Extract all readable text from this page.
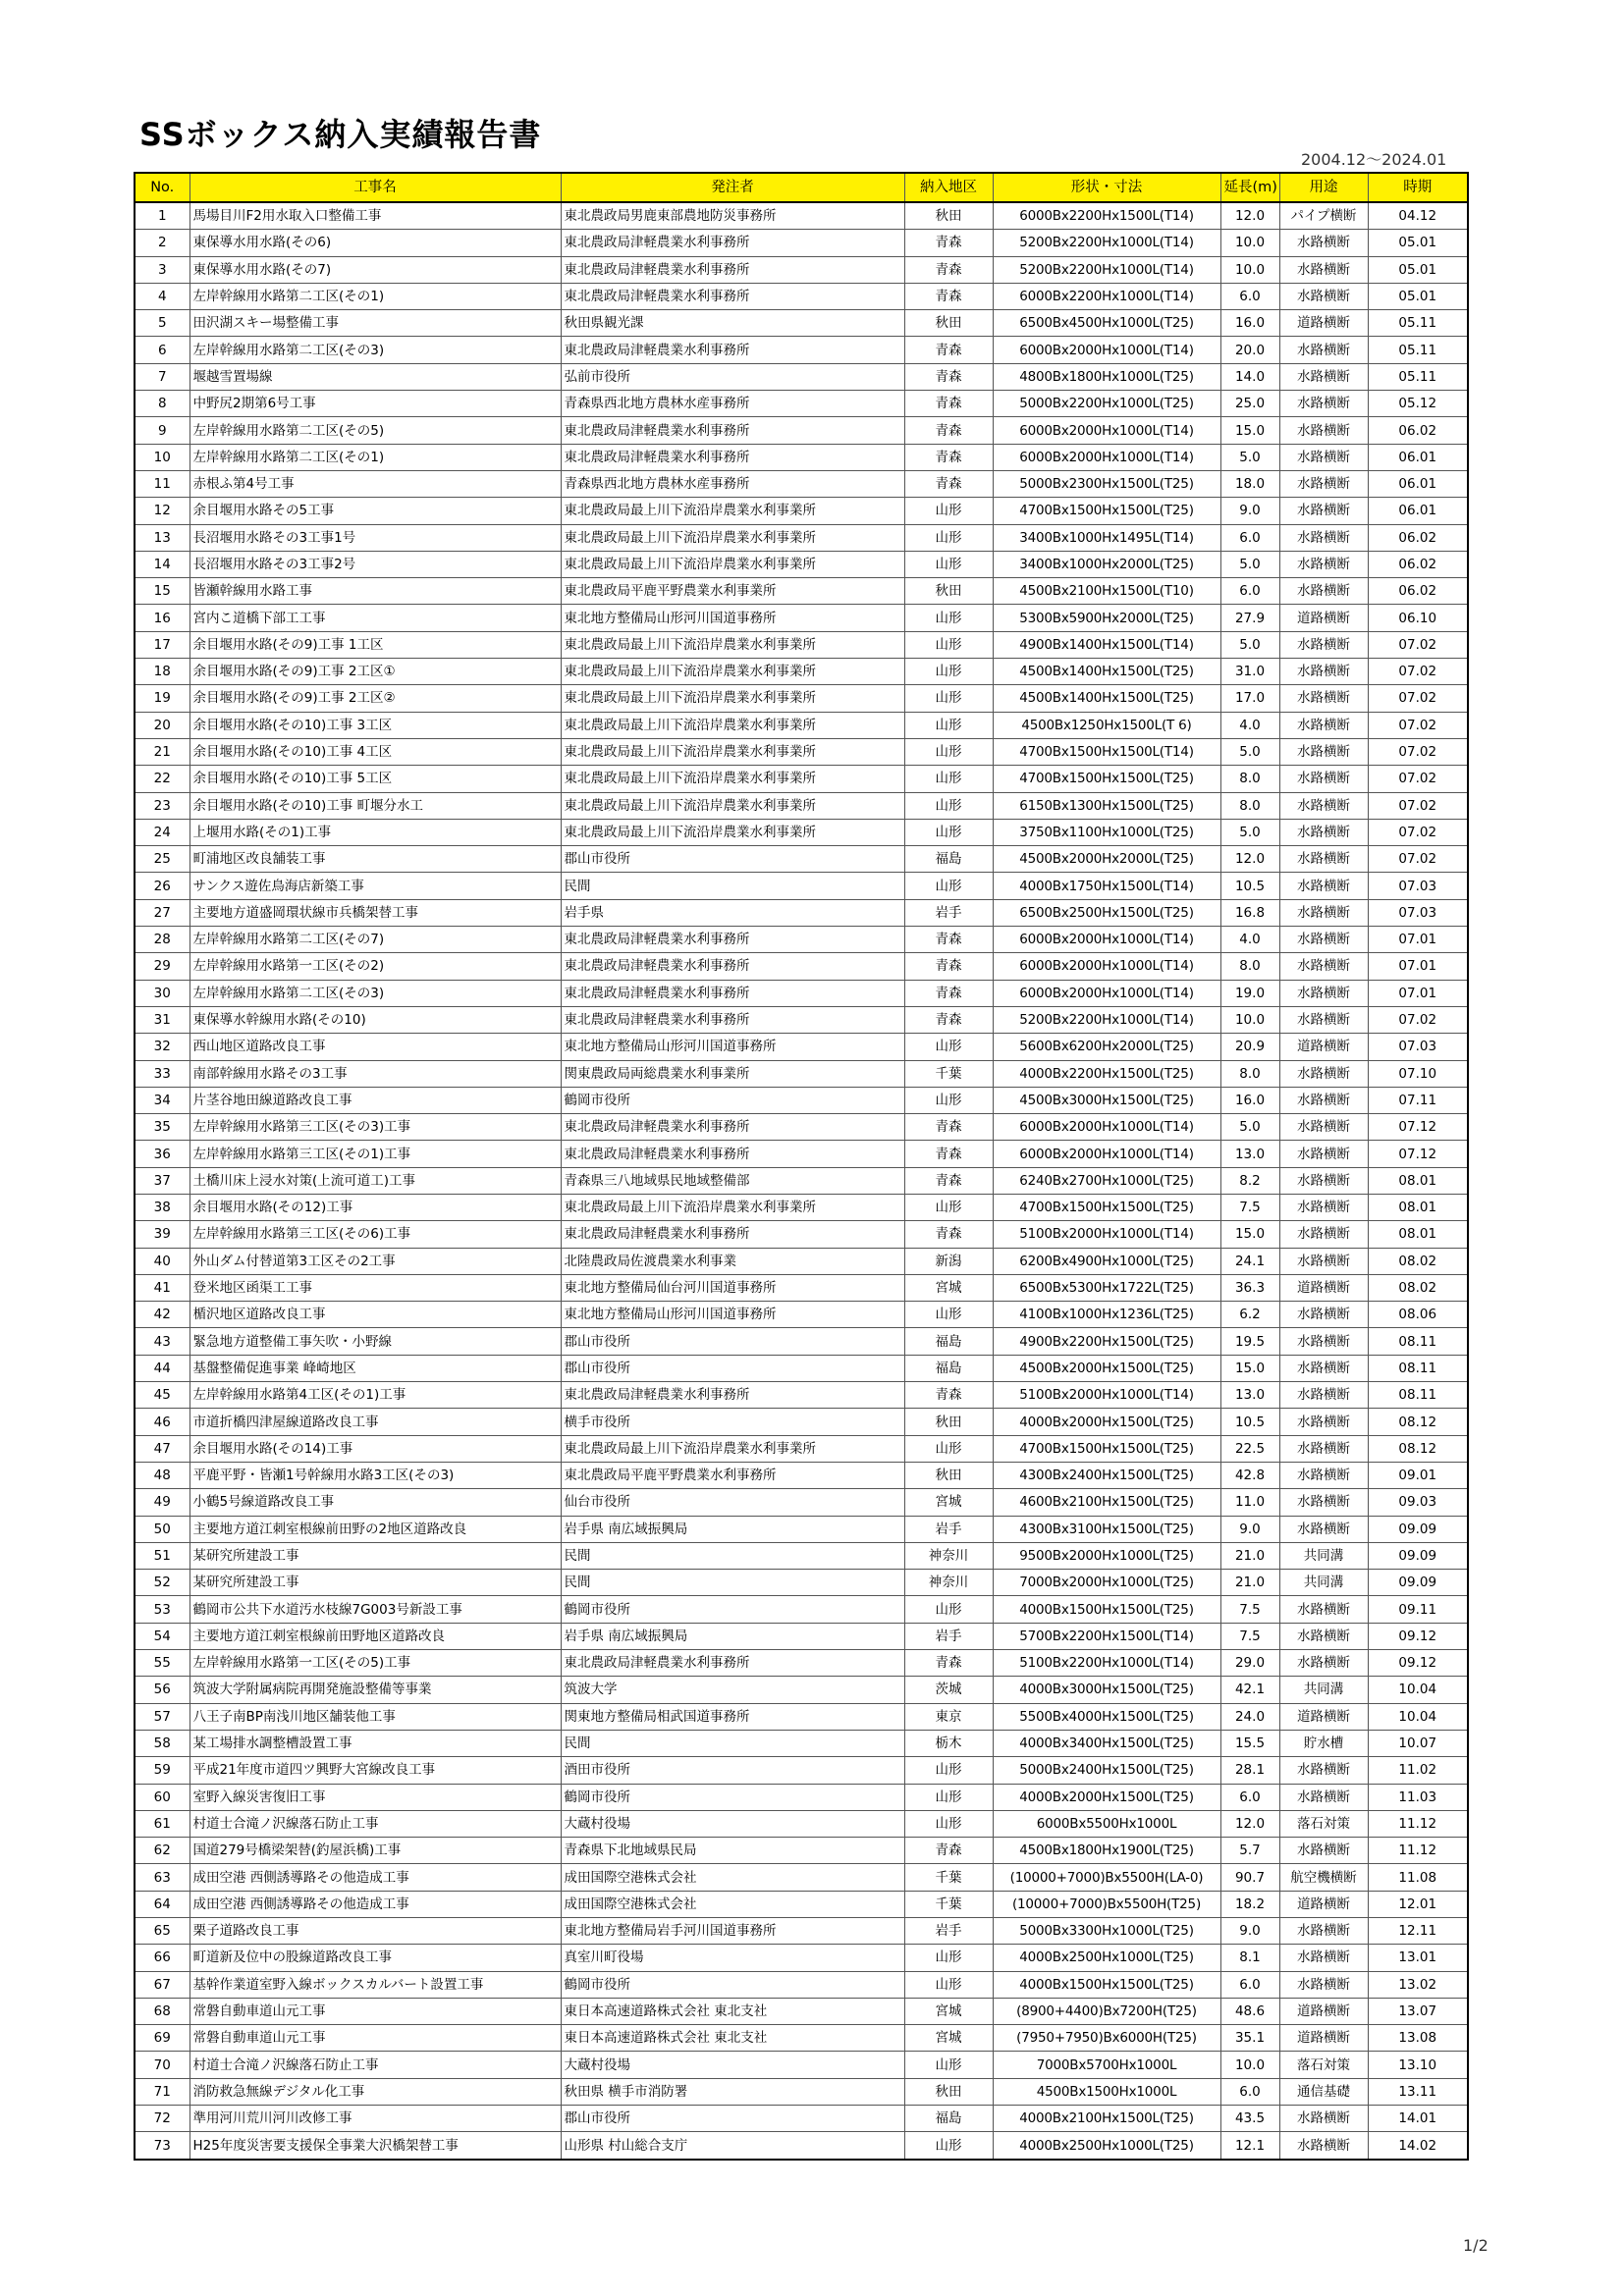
SSボックス納入実績報告書
2004.12～2024.01
No.	工事名	発注者	納入地区	形状・寸法	延長(m)	用途	時期
1	馬場目川F2用水取入口整備工事	東北農政局男鹿東部農地防災事務所	秋田	6000Bx2200Hx1500L(T14)	12.0	パイプ横断	04.12
2	東保導水用水路(その6)	東北農政局津軽農業水利事務所	青森	5200Bx2200Hx1000L(T14)	10.0	水路横断	05.01
3	東保導水用水路(その7)	東北農政局津軽農業水利事務所	青森	5200Bx2200Hx1000L(T14)	10.0	水路横断	05.01
4	左岸幹線用水路第二工区(その1)	東北農政局津軽農業水利事務所	青森	6000Bx2200Hx1000L(T14)	6.0	水路横断	05.01
5	田沢湖スキー場整備工事	秋田県観光課	秋田	6500Bx4500Hx1000L(T25)	16.0	道路横断	05.11
6	左岸幹線用水路第二工区(その3)	東北農政局津軽農業水利事務所	青森	6000Bx2000Hx1000L(T14)	20.0	水路横断	05.11
7	堰越雪置場線	弘前市役所	青森	4800Bx1800Hx1000L(T25)	14.0	水路横断	05.11
8	中野尻2期第6号工事	青森県西北地方農林水産事務所	青森	5000Bx2200Hx1000L(T25)	25.0	水路横断	05.12
9	左岸幹線用水路第二工区(その5)	東北農政局津軽農業水利事務所	青森	6000Bx2000Hx1000L(T14)	15.0	水路横断	06.02
10	左岸幹線用水路第二工区(その1)	東北農政局津軽農業水利事務所	青森	6000Bx2000Hx1000L(T14)	5.0	水路横断	06.01
11	赤根ふ第4号工事	青森県西北地方農林水産事務所	青森	5000Bx2300Hx1500L(T25)	18.0	水路横断	06.01
12	余目堰用水路その5工事	東北農政局最上川下流沿岸農業水利事業所	山形	4700Bx1500Hx1500L(T25)	9.0	水路横断	06.01
13	長沼堰用水路その3工事1号	東北農政局最上川下流沿岸農業水利事業所	山形	3400Bx1000Hx1495L(T14)	6.0	水路横断	06.02
14	長沼堰用水路その3工事2号	東北農政局最上川下流沿岸農業水利事業所	山形	3400Bx1000Hx2000L(T25)	5.0	水路横断	06.02
15	皆瀬幹線用水路工事	東北農政局平鹿平野農業水利事業所	秋田	4500Bx2100Hx1500L(T10)	6.0	水路横断	06.02
16	宮内こ道橋下部工工事	東北地方整備局山形河川国道事務所	山形	5300Bx5900Hx2000L(T25)	27.9	道路横断	06.10
17	余目堰用水路(その9)工事 1工区	東北農政局最上川下流沿岸農業水利事業所	山形	4900Bx1400Hx1500L(T14)	5.0	水路横断	07.02
18	余目堰用水路(その9)工事 2工区①	東北農政局最上川下流沿岸農業水利事業所	山形	4500Bx1400Hx1500L(T25)	31.0	水路横断	07.02
19	余目堰用水路(その9)工事 2工区②	東北農政局最上川下流沿岸農業水利事業所	山形	4500Bx1400Hx1500L(T25)	17.0	水路横断	07.02
20	余目堰用水路(その10)工事 3工区	東北農政局最上川下流沿岸農業水利事業所	山形	4500Bx1250Hx1500L(T 6)	4.0	水路横断	07.02
21	余目堰用水路(その10)工事 4工区	東北農政局最上川下流沿岸農業水利事業所	山形	4700Bx1500Hx1500L(T14)	5.0	水路横断	07.02
22	余目堰用水路(その10)工事 5工区	東北農政局最上川下流沿岸農業水利事業所	山形	4700Bx1500Hx1500L(T25)	8.0	水路横断	07.02
23	余目堰用水路(その10)工事 町堰分水工	東北農政局最上川下流沿岸農業水利事業所	山形	6150Bx1300Hx1500L(T25)	8.0	水路横断	07.02
24	上堰用水路(その1)工事	東北農政局最上川下流沿岸農業水利事業所	山形	3750Bx1100Hx1000L(T25)	5.0	水路横断	07.02
25	町浦地区改良舗装工事	郡山市役所	福島	4500Bx2000Hx2000L(T25)	12.0	水路横断	07.02
26	サンクス遊佐鳥海店新築工事	民間	山形	4000Bx1750Hx1500L(T14)	10.5	水路横断	07.03
27	主要地方道盛岡環状線市兵橋架替工事	岩手県	岩手	6500Bx2500Hx1500L(T25)	16.8	水路横断	07.03
28	左岸幹線用水路第二工区(その7)	東北農政局津軽農業水利事務所	青森	6000Bx2000Hx1000L(T14)	4.0	水路横断	07.01
29	左岸幹線用水路第一工区(その2)	東北農政局津軽農業水利事務所	青森	6000Bx2000Hx1000L(T14)	8.0	水路横断	07.01
30	左岸幹線用水路第二工区(その3)	東北農政局津軽農業水利事務所	青森	6000Bx2000Hx1000L(T14)	19.0	水路横断	07.01
31	東保導水幹線用水路(その10)	東北農政局津軽農業水利事務所	青森	5200Bx2200Hx1000L(T14)	10.0	水路横断	07.02
32	西山地区道路改良工事	東北地方整備局山形河川国道事務所	山形	5600Bx6200Hx2000L(T25)	20.9	道路横断	07.03
33	南部幹線用水路その3工事	関東農政局両総農業水利事業所	千葉	4000Bx2200Hx1500L(T25)	8.0	水路横断	07.10
34	片茎谷地田線道路改良工事	鶴岡市役所	山形	4500Bx3000Hx1500L(T25)	16.0	水路横断	07.11
35	左岸幹線用水路第三工区(その3)工事	東北農政局津軽農業水利事務所	青森	6000Bx2000Hx1000L(T14)	5.0	水路横断	07.12
36	左岸幹線用水路第三工区(その1)工事	東北農政局津軽農業水利事務所	青森	6000Bx2000Hx1000L(T14)	13.0	水路横断	07.12
37	土橋川床上浸水対策(上流可道工)工事	青森県三八地域県民地域整備部	青森	6240Bx2700Hx1000L(T25)	8.2	水路横断	08.01
38	余目堰用水路(その12)工事	東北農政局最上川下流沿岸農業水利事業所	山形	4700Bx1500Hx1500L(T25)	7.5	水路横断	08.01
39	左岸幹線用水路第三工区(その6)工事	東北農政局津軽農業水利事務所	青森	5100Bx2000Hx1000L(T14)	15.0	水路横断	08.01
40	外山ダム付替道第3工区その2工事	北陸農政局佐渡農業水利事業	新潟	6200Bx4900Hx1000L(T25)	24.1	水路横断	08.02
41	登米地区函渠工工事	東北地方整備局仙台河川国道事務所	宮城	6500Bx5300Hx1722L(T25)	36.3	道路横断	08.02
42	楯沢地区道路改良工事	東北地方整備局山形河川国道事務所	山形	4100Bx1000Hx1236L(T25)	6.2	水路横断	08.06
43	緊急地方道整備工事矢吹・小野線	郡山市役所	福島	4900Bx2200Hx1500L(T25)	19.5	水路横断	08.11
44	基盤整備促進事業 峰崎地区	郡山市役所	福島	4500Bx2000Hx1500L(T25)	15.0	水路横断	08.11
45	左岸幹線用水路第4工区(その1)工事	東北農政局津軽農業水利事務所	青森	5100Bx2000Hx1000L(T14)	13.0	水路横断	08.11
46	市道折橋四津屋線道路改良工事	横手市役所	秋田	4000Bx2000Hx1500L(T25)	10.5	水路横断	08.12
47	余目堰用水路(その14)工事	東北農政局最上川下流沿岸農業水利事業所	山形	4700Bx1500Hx1500L(T25)	22.5	水路横断	08.12
48	平鹿平野・皆瀬1号幹線用水路3工区(その3)	東北農政局平鹿平野農業水利事務所	秋田	4300Bx2400Hx1500L(T25)	42.8	水路横断	09.01
49	小鶴5号線道路改良工事	仙台市役所	宮城	4600Bx2100Hx1500L(T25)	11.0	水路横断	09.03
50	主要地方道江刺室根線前田野の2地区道路改良	岩手県 南広域振興局	岩手	4300Bx3100Hx1500L(T25)	9.0	水路横断	09.09
51	某研究所建設工事	民間	神奈川	9500Bx2000Hx1000L(T25)	21.0	共同溝	09.09
52	某研究所建設工事	民間	神奈川	7000Bx2000Hx1000L(T25)	21.0	共同溝	09.09
53	鶴岡市公共下水道汚水枝線7G003号新設工事	鶴岡市役所	山形	4000Bx1500Hx1500L(T25)	7.5	水路横断	09.11
54	主要地方道江刺室根線前田野地区道路改良	岩手県 南広域振興局	岩手	5700Bx2200Hx1500L(T14)	7.5	水路横断	09.12
55	左岸幹線用水路第一工区(その5)工事	東北農政局津軽農業水利事務所	青森	5100Bx2200Hx1000L(T14)	29.0	水路横断	09.12
56	筑波大学附属病院再開発施設整備等事業	筑波大学	茨城	4000Bx3000Hx1500L(T25)	42.1	共同溝	10.04
57	八王子南BP南浅川地区舗装他工事	関東地方整備局相武国道事務所	東京	5500Bx4000Hx1500L(T25)	24.0	道路横断	10.04
58	某工場排水調整槽設置工事	民間	栃木	4000Bx3400Hx1500L(T25)	15.5	貯水槽	10.07
59	平成21年度市道四ツ興野大宮線改良工事	酒田市役所	山形	5000Bx2400Hx1500L(T25)	28.1	水路横断	11.02
60	室野入線災害復旧工事	鶴岡市役所	山形	4000Bx2000Hx1500L(T25)	6.0	水路横断	11.03
61	村道士合滝ノ沢線落石防止工事	大蔵村役場	山形	6000Bx5500Hx1000L	12.0	落石対策	11.12
62	国道279号橋梁架替(釣屋浜橋)工事	青森県下北地域県民局	青森	4500Bx1800Hx1900L(T25)	5.7	水路横断	11.12
63	成田空港 西側誘導路その他造成工事	成田国際空港株式会社	千葉	(10000+7000)Bx5500H(LA-0)	90.7	航空機横断	11.08
64	成田空港 西側誘導路その他造成工事	成田国際空港株式会社	千葉	(10000+7000)Bx5500H(T25)	18.2	道路横断	12.01
65	栗子道路改良工事	東北地方整備局岩手河川国道事務所	岩手	5000Bx3300Hx1000L(T25)	9.0	水路横断	12.11
66	町道新及位中の股線道路改良工事	真室川町役場	山形	4000Bx2500Hx1000L(T25)	8.1	水路横断	13.01
67	基幹作業道室野入線ボックスカルバート設置工事	鶴岡市役所	山形	4000Bx1500Hx1500L(T25)	6.0	水路横断	13.02
68	常磐自動車道山元工事	東日本高速道路株式会社 東北支社	宮城	(8900+4400)Bx7200H(T25)	48.6	道路横断	13.07
69	常磐自動車道山元工事	東日本高速道路株式会社 東北支社	宮城	(7950+7950)Bx6000H(T25)	35.1	道路横断	13.08
70	村道士合滝ノ沢線落石防止工事	大蔵村役場	山形	7000Bx5700Hx1000L	10.0	落石対策	13.10
71	消防救急無線デジタル化工事	秋田県 横手市消防署	秋田	4500Bx1500Hx1000L	6.0	通信基礎	13.11
72	準用河川荒川河川改修工事	郡山市役所	福島	4000Bx2100Hx1500L(T25)	43.5	水路横断	14.01
73	H25年度災害要支援保全事業大沢橋架替工事	山形県 村山総合支庁	山形	4000Bx2500Hx1000L(T25)	12.1	水路横断	14.02
1/2
